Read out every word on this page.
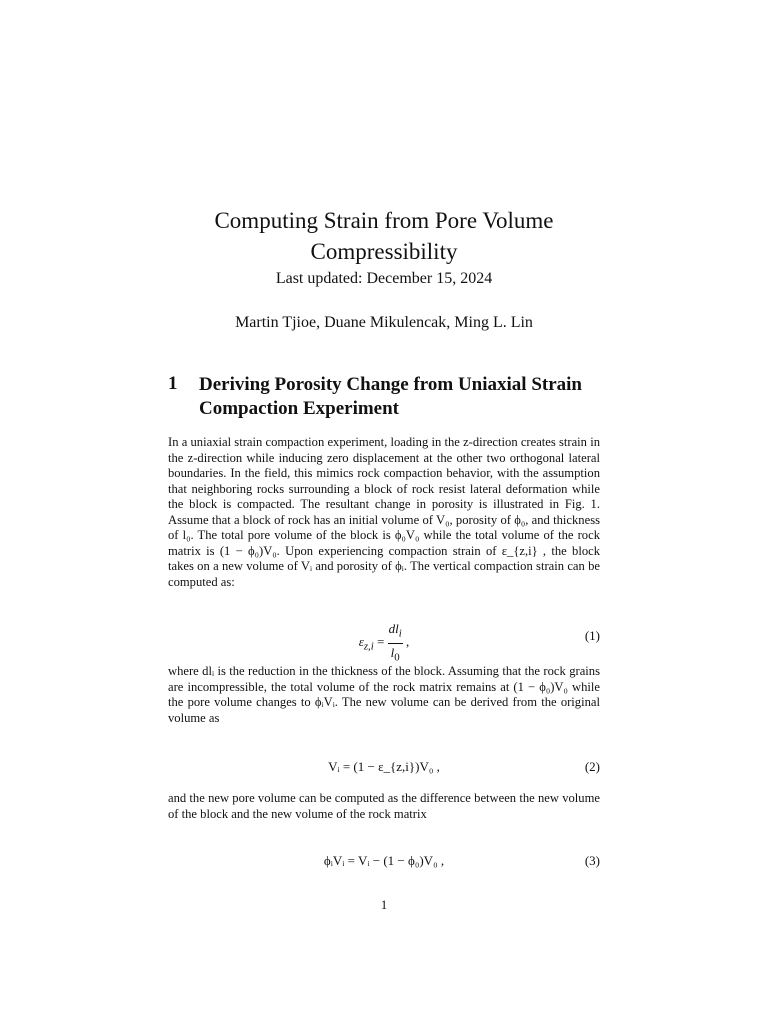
Computing Strain from Pore Volume
Compressibility
Last updated: December 15, 2024
Martin Tjioe, Duane Mikulencak, Ming L. Lin
1 Deriving Porosity Change from Uniaxial Strain
Compaction Experiment
In a uniaxial strain compaction experiment, loading in the z-direction creates strain in the z-direction while inducing zero displacement at the other two orthogonal lateral boundaries. In the field, this mimics rock compaction behavior, with the assumption that neighboring rocks surrounding a block of rock resist lateral deformation while the block is compacted. The resultant change in porosity is illustrated in Fig. 1. Assume that a block of rock has an initial volume of V₀, porosity of ϕ₀, and thickness of l₀. The total pore volume of the block is ϕ₀V₀ while the total volume of the rock matrix is (1 − ϕ₀)V₀. Upon experiencing compaction strain of ε_{z,i} , the block takes on a new volume of Vᵢ and porosity of ϕᵢ. The vertical compaction strain can be computed as:
$\varepsilon_{z,i} = \frac{dl_i}{l_0}$ ,	(1)
where dlᵢ is the reduction in the thickness of the block. Assuming that the rock grains are incompressible, the total volume of the rock matrix remains at (1 − ϕ₀)V₀ while the pore volume changes to ϕᵢVᵢ. The new volume can be derived from the original volume as
Vᵢ = (1 − ε_{z,i})V₀ ,	(2)
and the new pore volume can be computed as the difference between the new volume of the block and the new volume of the rock matrix
ϕᵢVᵢ = Vᵢ − (1 − ϕ₀)V₀ ,	(3)
1
